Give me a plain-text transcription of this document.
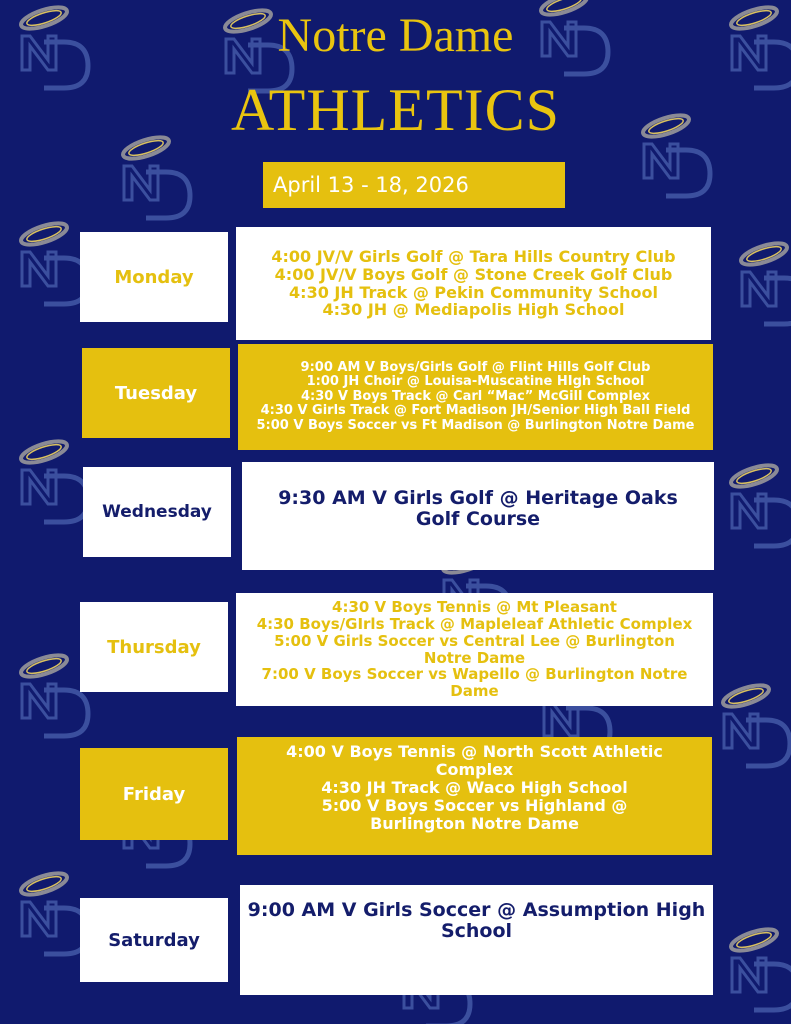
Notre Dame
ATHLETICS
April 13 - 18, 2026
Monday
4:00 JV/V Girls Golf @ Tara Hills Country Club
4:00 JV/V Boys Golf @ Stone Creek Golf Club
4:30 JH Track @ Pekin Community School
4:30 JH @ Mediapolis High School
Tuesday
9:00 AM V Boys/Girls Golf @ Flint Hills Golf Club
1:00 JH Choir @ Louisa-Muscatine HIgh School
4:30 V Boys Track @ Carl “Mac” McGill Complex
4:30 V Girls Track @ Fort Madison JH/Senior High Ball Field
5:00 V Boys Soccer vs Ft Madison @ Burlington Notre Dame
Wednesday
9:30 AM V Girls Golf @ Heritage Oaks
Golf Course
Thursday
4:30 V Boys Tennis @ Mt Pleasant
4:30 Boys/GIrls Track @ Mapleleaf Athletic Complex
5:00 V Girls Soccer vs Central Lee @ Burlington
Notre Dame
7:00 V Boys Soccer vs Wapello @ Burlington Notre
Dame
Friday
4:00 V Boys Tennis @ North Scott Athletic
Complex
4:30 JH Track @ Waco High School
5:00 V Boys Soccer vs Highland @
Burlington Notre Dame
Saturday
9:00 AM V Girls Soccer @ Assumption High
School
